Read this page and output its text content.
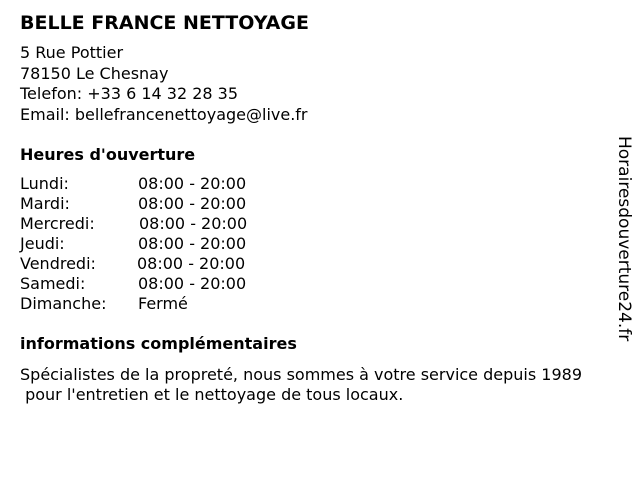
BELLE FRANCE NETTOYAGE
5 Rue Pottier
78150 Le Chesnay
Telefon: +33 6 14 32 28 35
Email: bellefrancenettoyage@live.fr
Heures d'ouverture
Lundi:	08:00 - 20:00
Mardi:	08:00 - 20:00
Mercredi:	08:00 - 20:00
Jeudi:	08:00 - 20:00
Vendredi:	08:00 - 20:00
Samedi:	08:00 - 20:00
Dimanche: Fermé
informations complémentaires
Spécialistes de la propreté, nous sommes à votre service depuis 1989
pour l'entretien et le nettoyage de tous locaux.
Horairesdouverture24.fr
